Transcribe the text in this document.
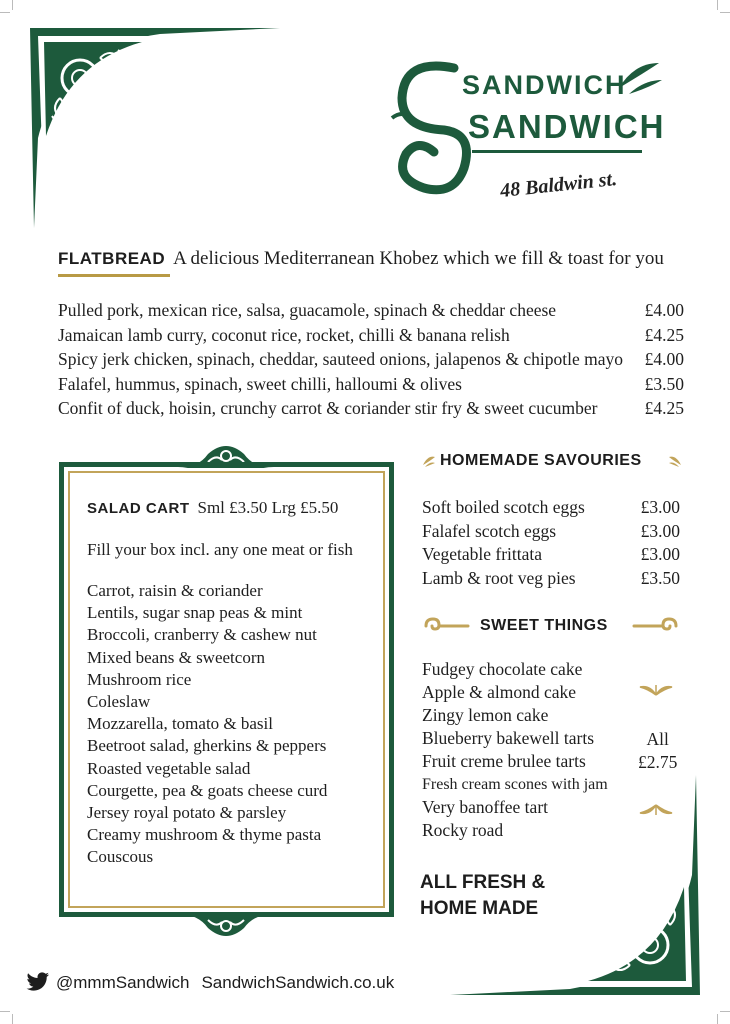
SANDWICH
SANDWICH
48 Baldwin st.
FLATBREAD A delicious Mediterranean Khobez which we fill & toast for you
Pulled pork, mexican rice, salsa, guacamole, spinach & cheddar cheese	£4.00
Jamaican lamb curry, coconut rice, rocket, chilli & banana relish	£4.25
Spicy jerk chicken, spinach, cheddar, sauteed onions, jalapenos & chipotle mayo £4.00
Falafel, hummus, spinach, sweet chilli, halloumi & olives	£3.50
Confit of duck, hoisin, crunchy carrot & coriander stir fry & sweet cucumber	£4.25
SALAD CART Sml £3.50 Lrg £5.50
Fill your box incl. any one meat or fish
Carrot, raisin & coriander
Lentils, sugar snap peas & mint
Broccoli, cranberry & cashew nut
Mixed beans & sweetcorn
Mushroom rice
Coleslaw
Mozzarella, tomato & basil
Beetroot salad, gherkins & peppers
Roasted vegetable salad
Courgette, pea & goats cheese curd
Jersey royal potato & parsley
Creamy mushroom & thyme pasta
Couscous
HOMEMADE SAVOURIES
Soft boiled scotch eggs	£3.00
Falafel scotch eggs	£3.00
Vegetable frittata	£3.00
Lamb & root veg pies	£3.50
SWEET THINGS
Fudgey chocolate cake
Apple & almond cake
Zingy lemon cake
Blueberry bakewell tarts
Fruit creme brulee tarts
Fresh cream scones with jam
Very banoffee tart
Rocky road
All
£2.75
ALL FRESH &
HOME MADE
@mmmSandwich SandwichSandwich.co.uk
